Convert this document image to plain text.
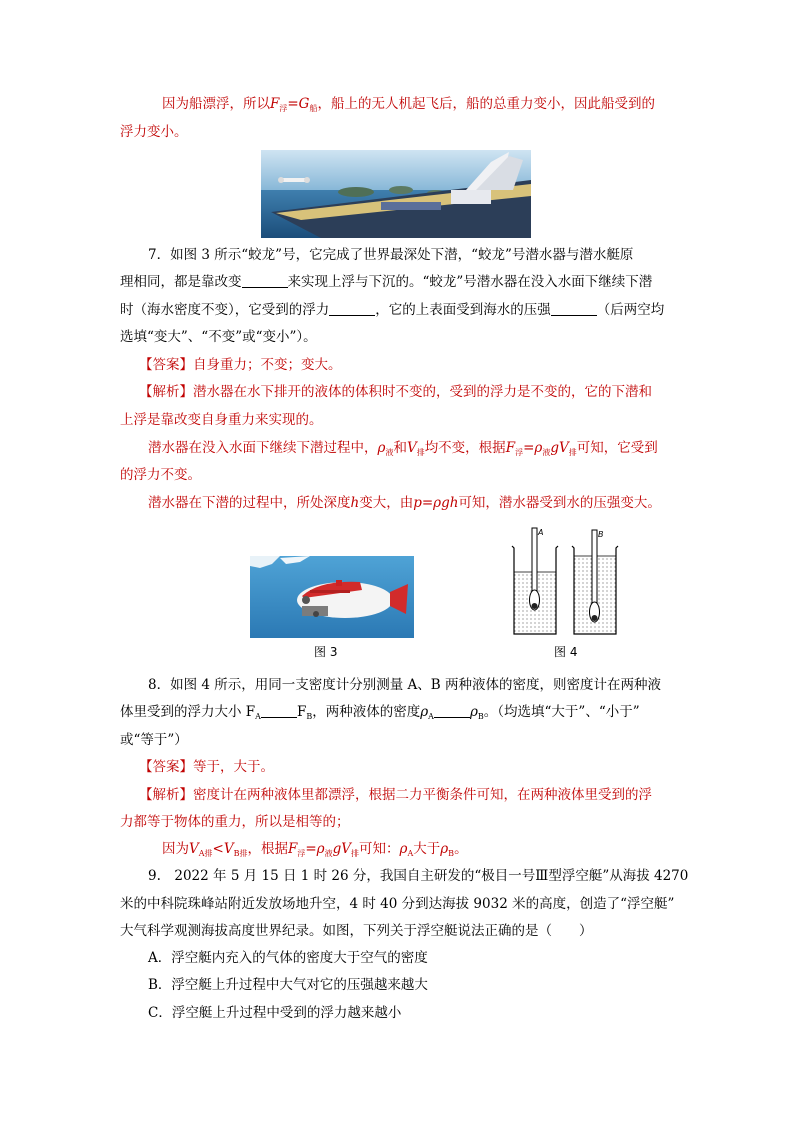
因为船漂浮，所以$F_浮=G_船$，船上的无人机起飞后，船的总重力变小，因此船受到的
浮力变小。
7．如图 3 所示“蛟龙”号，它完成了世界最深处下潜，“蛟龙”号潜水器与潜水艇原
理相同，都是靠改变	来实现上浮与下沉的。“蛟龙”号潜水器在没入水面下继续下潜
时（海水密度不变），它受到的浮力	，它的上表面受到海水的压强	（后两空均
选填“变大”、“不变”或“变小”）。
【答案】自身重力；不变；变大。
【解析】潜水器在水下排开的液体的体积时不变的，受到的浮力是不变的，它的下潜和
上浮是靠改变自身重力来实现的。
潜水器在没入水面下继续下潜过程中，$\rho_液$和$V_排$均不变，根据$F_浮=\rho_液gV_排$可知，它受到
的浮力不变。
潜水器在下潜的过程中，所处深度h变大，由p=ρgh可知，潜水器受到水的压强变大。
图 3
A	B
图 4
8．如图 4 所示，用同一支密度计分别测量 A、B 两种液体的密度，则密度计在两种液
体里受到的浮力大小 $F_A$	$F_B$，两种液体的密度$\rho_A$	$\rho_B$。（均选填“大于”、“小于”
或“等于”）
【答案】等于，大于。
【解析】密度计在两种液体里都漂浮，根据二力平衡条件可知，在两种液体里受到的浮
力都等于物体的重力，所以是相等的；
因为$V_{A排}<V_{B排}$，根据$F_浮=\rho_液gV_排$可知：$\rho_A$大于$\rho_B$。
9.　2022 年 5 月 15 日 1 时 26 分，我国自主研发的“极目一号Ⅲ型浮空艇”从海拔 4270
米的中科院珠峰站附近发放场地升空，4 时 40 分到达海拔 9032 米的高度，创造了“浮空艇”
大气科学观测海拔高度世界纪录。如图，下列关于浮空艇说法正确的是（　　）
A．浮空艇内充入的气体的密度大于空气的密度
B．浮空艇上升过程中大气对它的压强越来越大
C．浮空艇上升过程中受到的浮力越来越小
